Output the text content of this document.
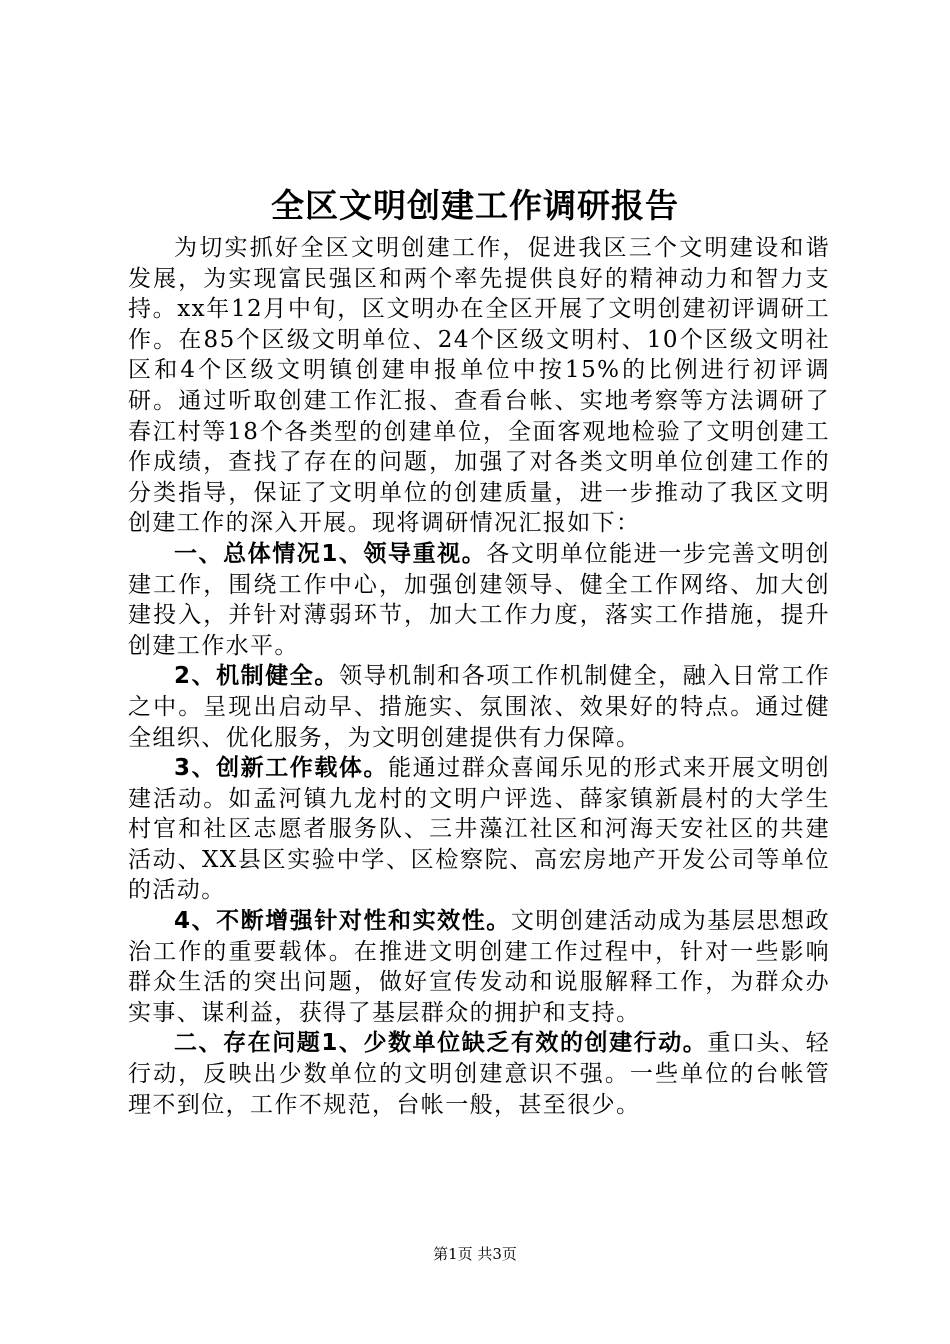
全区文明创建工作调研报告

为切实抓好全区文明创建工作，促进我区三个文明建设和谐发展，为实现富民强区和两个率先提供良好的精神动力和智力支持。xx年12月中旬，区文明办在全区开展了文明创建初评调研工作。在85个区级文明单位、24个区级文明村、10个区级文明社区和4个区级文明镇创建申报单位中按15%的比例进行初评调研。通过听取创建工作汇报、查看台帐、实地考察等方法调研了春江村等18个各类型的创建单位，全面客观地检验了文明创建工作成绩，查找了存在的问题，加强了对各类文明单位创建工作的分类指导，保证了文明单位的创建质量，进一步推动了我区文明创建工作的深入开展。现将调研情况汇报如下：

一、总体情况1、领导重视。各文明单位能进一步完善文明创建工作，围绕工作中心，加强创建领导、健全工作网络、加大创建投入，并针对薄弱环节，加大工作力度，落实工作措施，提升创建工作水平。

2、机制健全。领导机制和各项工作机制健全，融入日常工作之中。呈现出启动早、措施实、氛围浓、效果好的特点。通过健全组织、优化服务，为文明创建提供有力保障。

3、创新工作载体。能通过群众喜闻乐见的形式来开展文明创建活动。如孟河镇九龙村的文明户评选、薛家镇新晨村的大学生村官和社区志愿者服务队、三井藻江社区和河海天安社区的共建活动、XX县区实验中学、区检察院、高宏房地产开发公司等单位的活动。

4、不断增强针对性和实效性。文明创建活动成为基层思想政治工作的重要载体。在推进文明创建工作过程中，针对一些影响群众生活的突出问题，做好宣传发动和说服解释工作，为群众办实事、谋利益，获得了基层群众的拥护和支持。

二、存在问题1、少数单位缺乏有效的创建行动。重口头、轻行动，反映出少数单位的文明创建意识不强。一些单位的台帐管理不到位，工作不规范，台帐一般，甚至很少。

第1页 共3页
